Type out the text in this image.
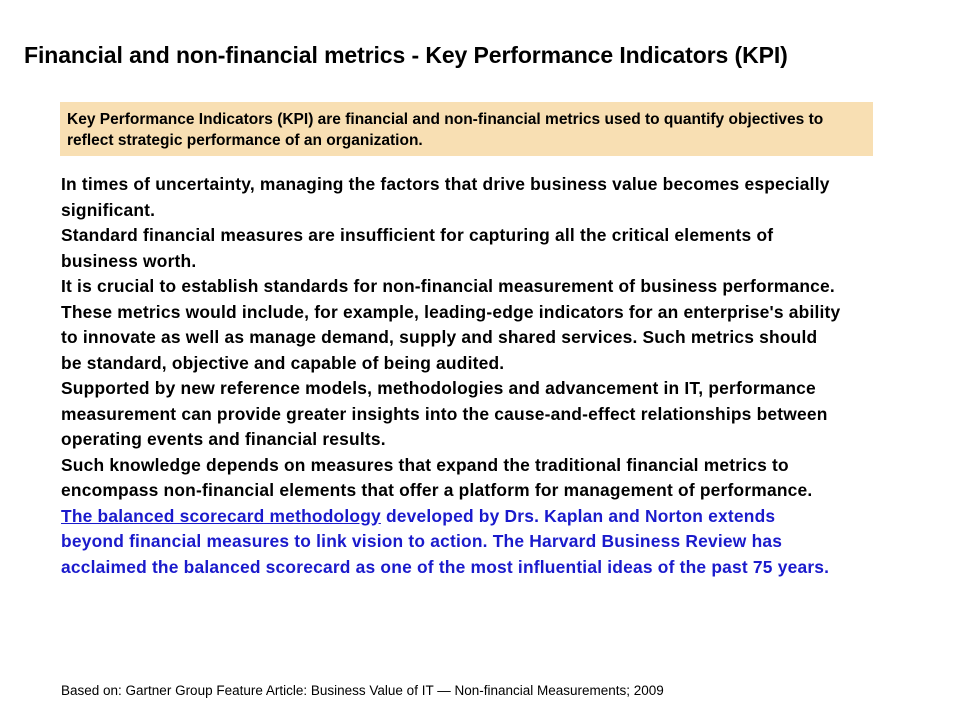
Financial and non-financial metrics - Key Performance Indicators (KPI)
Key Performance Indicators (KPI) are financial and non-financial metrics used to quantify objectives to reflect strategic performance of an organization.

In times of uncertainty, managing the factors that drive business value becomes especially significant.

Standard financial measures are insufficient for capturing all the critical elements of business worth.

It is crucial to establish standards for non-financial measurement of business performance.

These metrics would include, for example, leading-edge indicators for an enterprise's ability to innovate as well as manage demand, supply and shared services. Such metrics should be standard, objective and capable of being audited.

Supported by new reference models, methodologies and advancement in IT, performance measurement can provide greater insights into the cause-and-effect relationships between operating events and financial results.

Such knowledge depends on measures that expand the traditional financial metrics to encompass non-financial elements that offer a platform for management of performance.

The balanced scorecard methodology developed by Drs. Kaplan and Norton extends beyond financial measures to link vision to action. The Harvard Business Review has acclaimed the balanced scorecard as one of the most influential ideas of the past 75 years.

Based on: Gartner Group Feature Article: Business Value of IT — Non-financial Measurements; 2009
